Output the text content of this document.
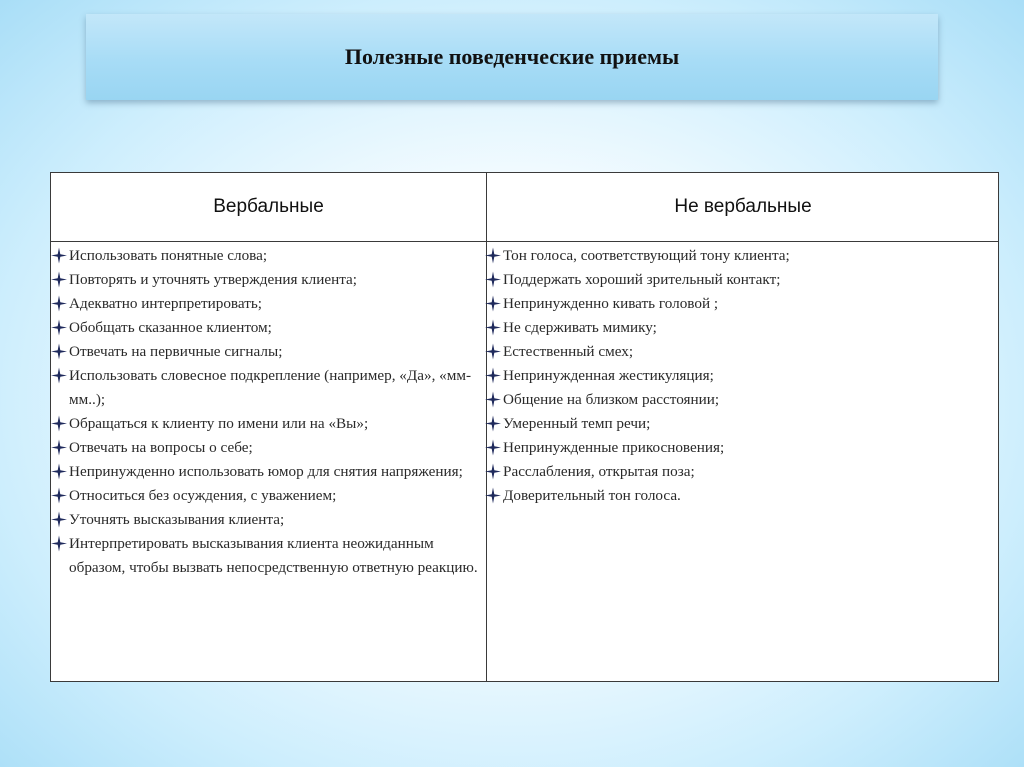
Полезные поведенческие приемы
Вербальные	Не вербальные
Использовать понятные слова;
Повторять и уточнять утверждения клиента;
Адекватно интерпретировать;
Обобщать сказанное клиентом;
Отвечать на первичные сигналы;
Использовать словесное подкрепление (например, «Да», «мм-мм..);
Обращаться к клиенту по имени или на «Вы»;
Отвечать на вопросы о себе;
Непринужденно использовать юмор для снятия напряжения;
Относиться без осуждения, с уважением;
Уточнять высказывания клиента;
Интерпретировать высказывания клиента неожиданным образом, чтобы вызвать непосредственную ответную реакцию.
Тон голоса, соответствующий тону клиента;
Поддержать хороший зрительный контакт;
Непринужденно кивать головой ;
Не сдерживать мимику;
Естественный смех;
Непринужденная жестикуляция;
Общение на близком расстоянии;
Умеренный темп речи;
Непринужденные прикосновения;
Расслабления, открытая поза;
Доверительный тон голоса.
